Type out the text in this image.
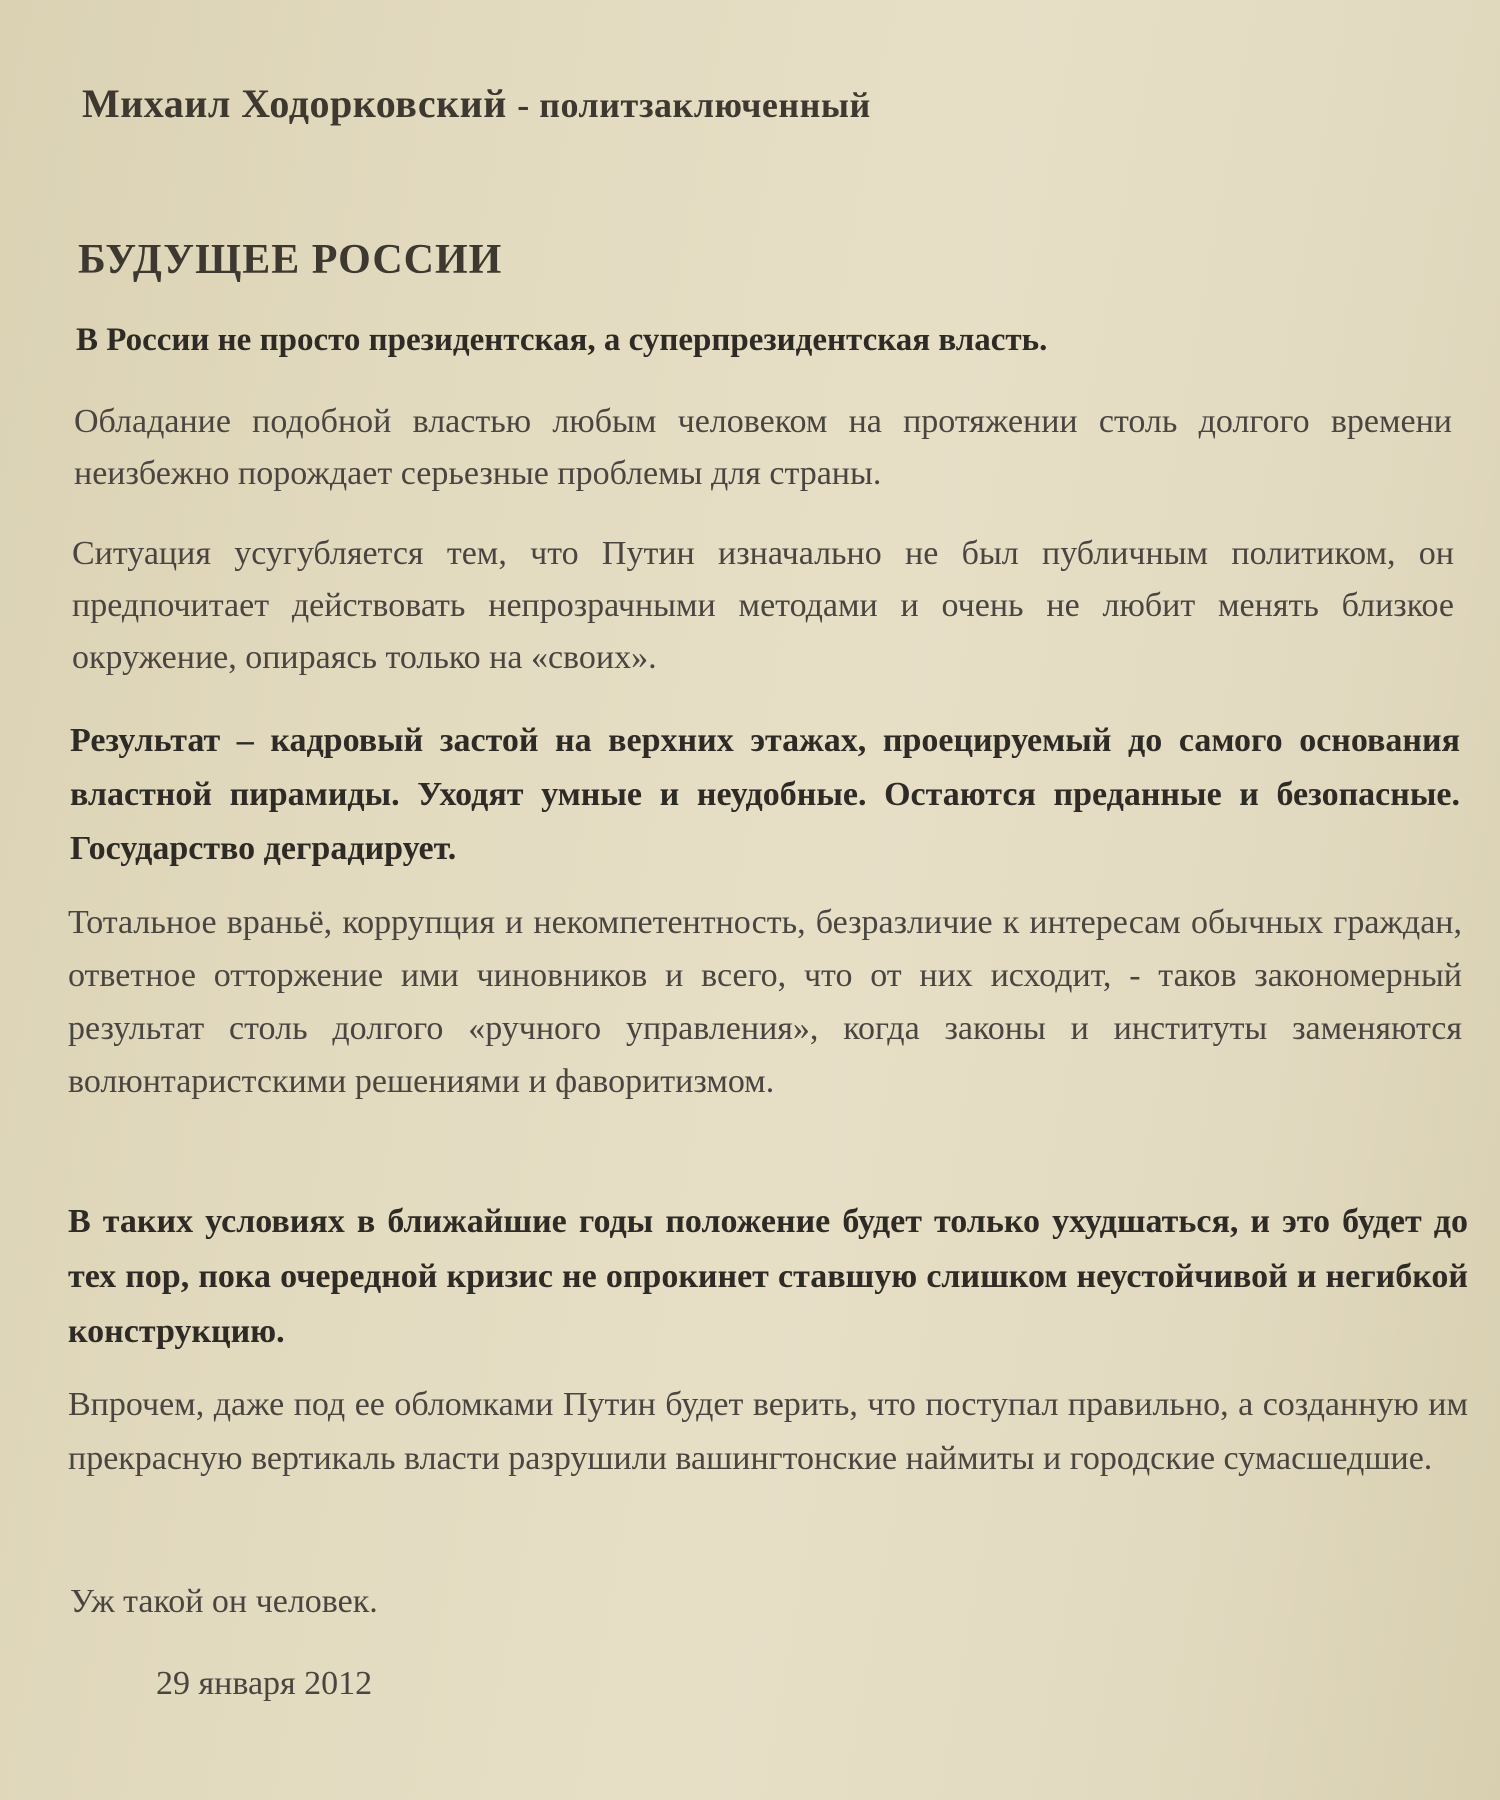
Михаил Ходорковский - политзаключенный

БУДУЩЕЕ РОССИИ

В России не просто президентская, а суперпрезидентская власть.

Обладание подобной властью любым человеком на протяжении столь долгого времени неизбежно порождает серьезные проблемы для страны.

Ситуация усугубляется тем, что Путин изначально не был публичным политиком, он предпочитает действовать непрозрачными методами и очень не любит менять близкое окружение, опираясь только на «своих».

Результат – кадровый застой на верхних этажах, проецируемый до самого основания властной пирамиды. Уходят умные и неудобные. Остаются преданные и безопасные. Государство деградирует.

Тотальное враньё, коррупция и некомпетентность, безразличие к интересам обычных граждан, ответное отторжение ими чиновников и всего, что от них исходит, - таков закономерный результат столь долгого «ручного управления», когда законы и институты заменяются волюнтаристскими решениями и фаворитизмом.

В таких условиях в ближайшие годы положение будет только ухудшаться, и это будет до тех пор, пока очередной кризис не опрокинет ставшую слишком неустойчивой и негибкой конструкцию.

Впрочем, даже под ее обломками Путин будет верить, что поступал правильно, а созданную им прекрасную вертикаль власти разрушили вашингтонские наймиты и городские сумасшедшие.

Уж такой он человек.

29 января 2012
